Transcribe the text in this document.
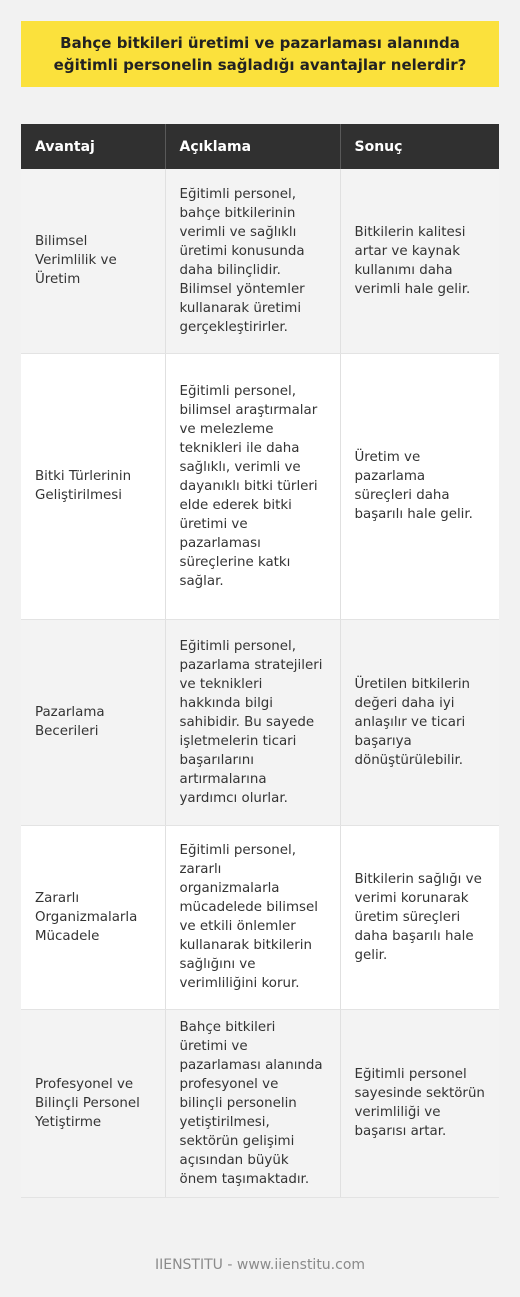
Bahçe bitkileri üretimi ve pazarlaması alanında eğitimli personelin sağladığı avantajlar nelerdir?
Avantaj	Açıklama	Sonuç
Bilimsel Verimlilik ve Üretim	Eğitimli personel, bahçe bitkilerinin verimli ve sağlıklı üretimi konusunda daha bilinçlidir. Bilimsel yöntemler kullanarak üretimi gerçekleştirirler.	Bitkilerin kalitesi artar ve kaynak kullanımı daha verimli hale gelir.
Bitki Türlerinin Geliştirilmesi	Eğitimli personel, bilimsel araştırmalar ve melezleme teknikleri ile daha sağlıklı, verimli ve dayanıklı bitki türleri elde ederek bitki üretimi ve pazarlaması süreçlerine katkı sağlar.	Üretim ve pazarlama süreçleri daha başarılı hale gelir.
Pazarlama Becerileri	Eğitimli personel, pazarlama stratejileri ve teknikleri hakkında bilgi sahibidir. Bu sayede işletmelerin ticari başarılarını artırmalarına yardımcı olurlar.	Üretilen bitkilerin değeri daha iyi anlaşılır ve ticari başarıya dönüştürülebilir.
Zararlı Organizmalarla Mücadele	Eğitimli personel, zararlı organizmalarla mücadelede bilimsel ve etkili önlemler kullanarak bitkilerin sağlığını ve verimliliğini korur.	Bitkilerin sağlığı ve verimi korunarak üretim süreçleri daha başarılı hale gelir.
Profesyonel ve Bilinçli Personel Yetiştirme	Bahçe bitkileri üretimi ve pazarlaması alanında profesyonel ve bilinçli personelin yetiştirilmesi, sektörün gelişimi açısından büyük önem taşımaktadır.	Eğitimli personel sayesinde sektörün verimliliği ve başarısı artar.
IIENSTITU - www.iienstitu.com
